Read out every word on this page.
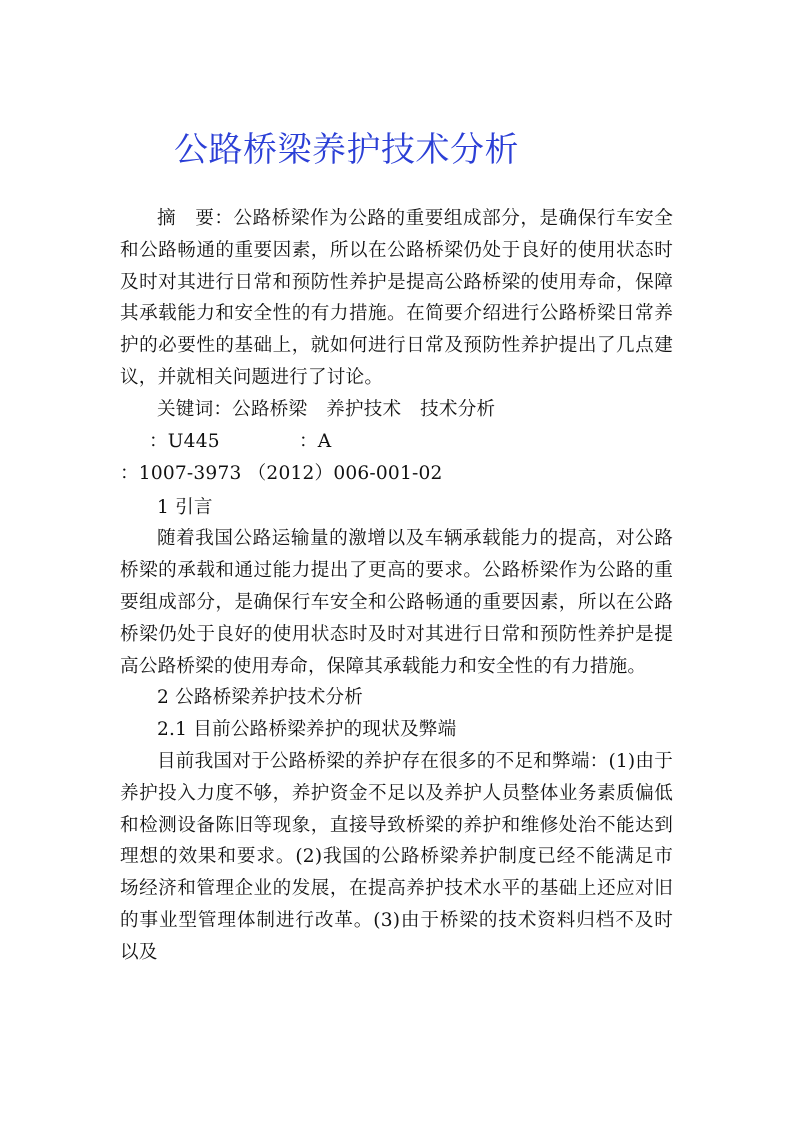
公路桥梁养护技术分析

摘　要：公路桥梁作为公路的重要组成部分，是确保行车安全和公路畅通的重要因素，所以在公路桥梁仍处于良好的使用状态时及时对其进行日常和预防性养护是提高公路桥梁的使用寿命，保障其承载能力和安全性的有力措施。在简要介绍进行公路桥梁日常养护的必要性的基础上，就如何进行日常及预防性养护提出了几点建议，并就相关问题进行了讨论。

关键词：公路桥梁　养护技术　技术分析

：U445	：A：1007-3973 （2012）006-001-02

1 引言

随着我国公路运输量的激增以及车辆承载能力的提高，对公路桥梁的承载和通过能力提出了更高的要求。公路桥梁作为公路的重要组成部分，是确保行车安全和公路畅通的重要因素，所以在公路桥梁仍处于良好的使用状态时及时对其进行日常和预防性养护是提高公路桥梁的使用寿命，保障其承载能力和安全性的有力措施。

2 公路桥梁养护技术分析

2.1 目前公路桥梁养护的现状及弊端

目前我国对于公路桥梁的养护存在很多的不足和弊端：(1)由于养护投入力度不够，养护资金不足以及养护人员整体业务素质偏低和检测设备陈旧等现象，直接导致桥梁的养护和维修处治不能达到理想的效果和要求。(2)我国的公路桥梁养护制度已经不能满足市场经济和管理企业的发展，在提高养护技术水平的基础上还应对旧的事业型管理体制进行改革。(3)由于桥梁的技术资料归档不及时以及
